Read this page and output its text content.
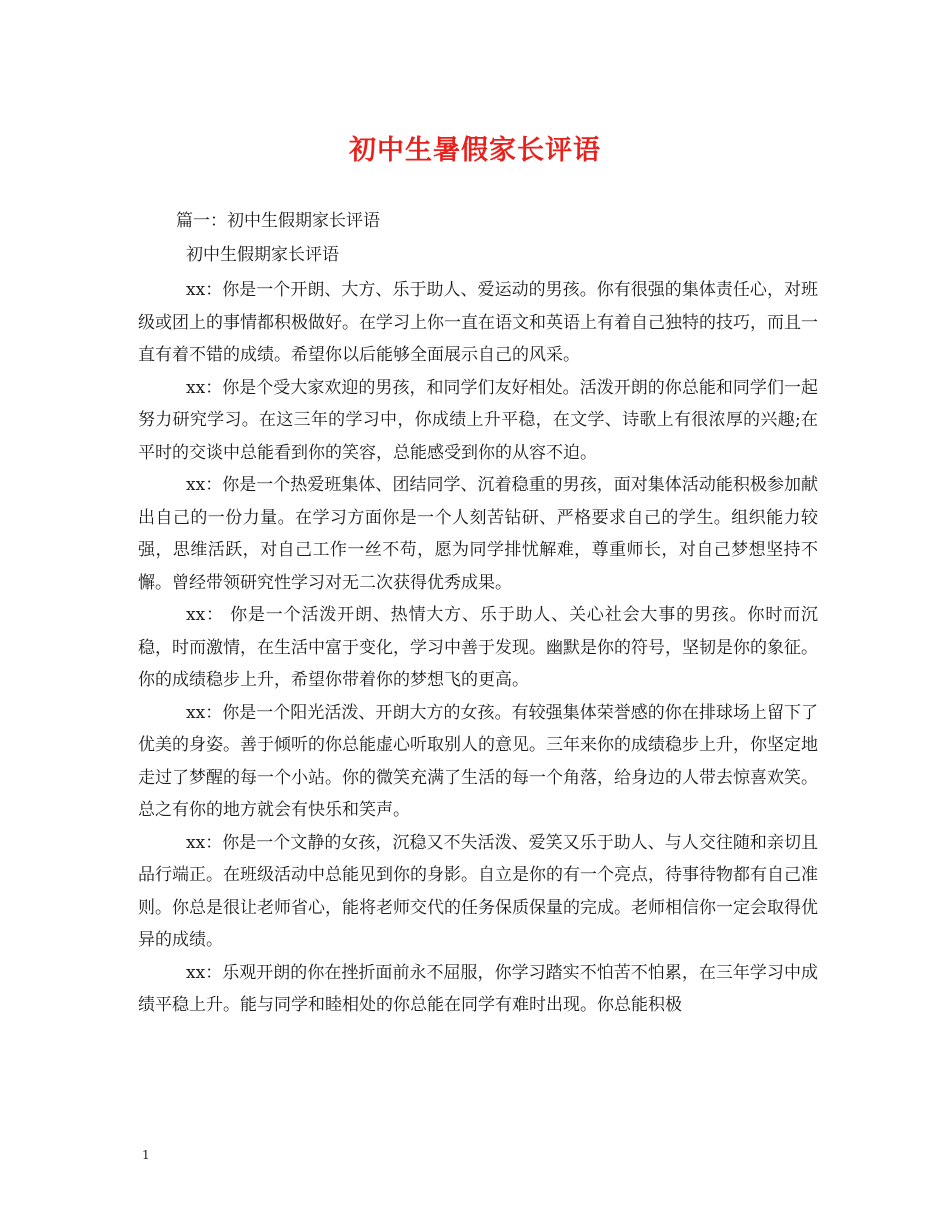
初中生暑假家长评语
篇一：初中生假期家长评语
初中生假期家长评语

xx：你是一个开朗、大方、乐于助人、爱运动的男孩。你有很强的集体责任心，对班级或团上的事情都积极做好。在学习上你一直在语文和英语上有着自己独特的技巧，而且一直有着不错的成绩。希望你以后能够全面展示自己的风采。

xx：你是个受大家欢迎的男孩，和同学们友好相处。活泼开朗的你总能和同学们一起努力研究学习。在这三年的学习中，你成绩上升平稳，在文学、诗歌上有很浓厚的兴趣;在平时的交谈中总能看到你的笑容，总能感受到你的从容不迫。

xx：你是一个热爱班集体、团结同学、沉着稳重的男孩，面对集体活动能积极参加献出自己的一份力量。在学习方面你是一个人刻苦钻研、严格要求自己的学生。组织能力较强，思维活跃，对自己工作一丝不苟，愿为同学排忧解难，尊重师长，对自己梦想坚持不懈。曾经带领研究性学习对无二次获得优秀成果。

xx： 你是一个活泼开朗、热情大方、乐于助人、关心社会大事的男孩。你时而沉稳，时而激情，在生活中富于变化，学习中善于发现。幽默是你的符号，坚韧是你的象征。你的成绩稳步上升，希望你带着你的梦想飞的更高。

xx：你是一个阳光活泼、开朗大方的女孩。有较强集体荣誉感的你在排球场上留下了优美的身姿。善于倾听的你总能虚心听取别人的意见。三年来你的成绩稳步上升，你坚定地走过了梦醒的每一个小站。你的微笑充满了生活的每一个角落，给身边的人带去惊喜欢笑。总之有你的地方就会有快乐和笑声。

xx：你是一个文静的女孩，沉稳又不失活泼、爱笑又乐于助人、与人交往随和亲切且品行端正。在班级活动中总能见到你的身影。自立是你的有一个亮点，待事待物都有自己准则。你总是很让老师省心，能将老师交代的任务保质保量的完成。老师相信你一定会取得优异的成绩。

xx：乐观开朗的你在挫折面前永不屈服，你学习踏实不怕苦不怕累，在三年学习中成绩平稳上升。能与同学和睦相处的你总能在同学有难时出现。你总能积极

1
